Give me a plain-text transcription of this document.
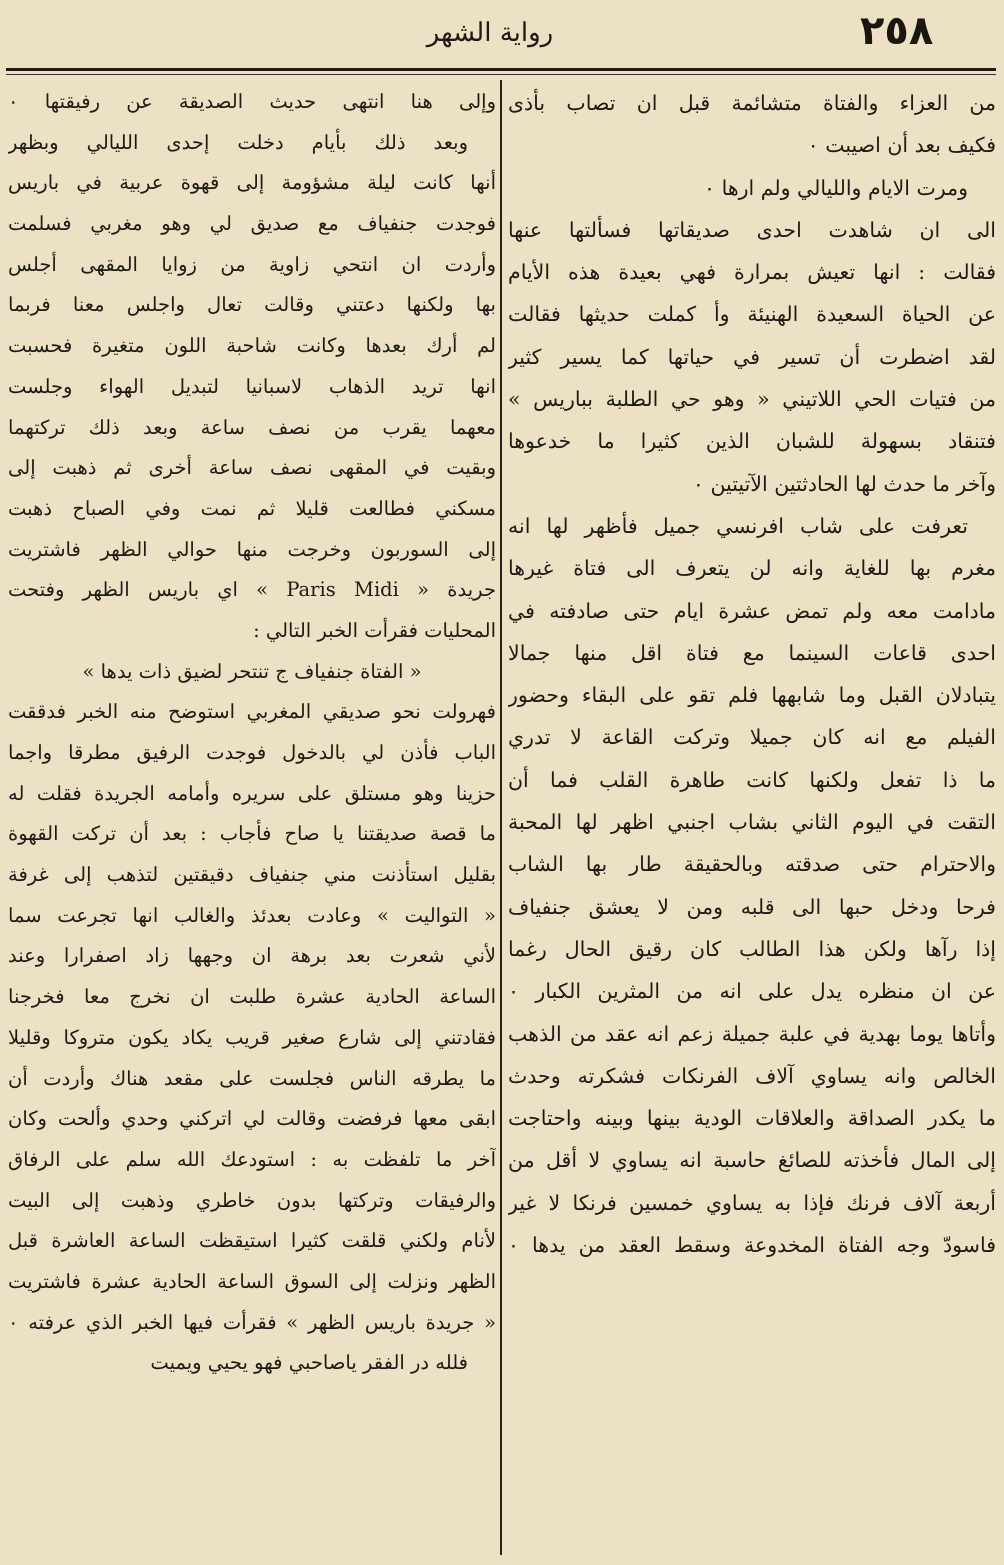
٢٥٨
رواية الشهر
من العزاء والفتاة متشائمة قبل ان تصاب بأذى
فكيف بعد أن اصيبت ٠
ومرت الايام والليالي ولم ارها ٠
الى ان شاهدت احدى صديقاتها فسألتها عنها
فقالت : انها تعيش بمرارة فهي بعيدة هذه الأيام
عن الحياة السعيدة الهنيئة وأ كملت حديثها فقالت
لقد اضطرت أن تسير في حياتها كما يسير كثير
من فتيات الحي اللاتيني « وهو حي الطلبة بباريس »
فتنقاد بسهولة للشبان الذين كثيرا ما خدعوها
وآخر ما حدث لها الحادثتين الآتيتين ٠
تعرفت على شاب افرنسي جميل فأظهر لها انه
مغرم بها للغاية وانه لن يتعرف الى فتاة غيرها
مادامت معه ولم تمض عشرة ايام حتى صادفته في
احدى قاعات السينما مع فتاة اقل منها جمالا
يتبادلان القبل وما شابهها فلم تقو على البقاء وحضور
الفيلم مع انه كان جميلا وتركت القاعة لا تدري
ما ذا تفعل ولكنها كانت طاهرة القلب فما أن
التقت في اليوم الثاني بشاب اجنبي اظهر لها المحبة
والاحترام حتى صدقته وبالحقيقة طار بها الشاب
فرحا ودخل حبها الى قلبه ومن لا يعشق جنفياف
إذا رآها ولكن هذا الطالب كان رقيق الحال رغما
عن ان منظره يدل على انه من المثرين الكبار ٠
وأتاها يوما بهدية في علبة جميلة زعم انه عقد من الذهب
الخالص وانه يساوي آلاف الفرنكات فشكرته وحدث
ما يكدر الصداقة والعلاقات الودية بينها وبينه واحتاجت
إلى المال فأخذته للصائغ حاسبة انه يساوي لا أقل من
أربعة آلاف فرنك فإذا به يساوي خمسين فرنكا لا غير
فاسودّ وجه الفتاة المخدوعة وسقط العقد من يدها ٠
وإلى هنا انتهى حديث الصديقة عن رفيقتها ٠
وبعد ذلك بأيام دخلت إحدى الليالي وبظهر
أنها كانت ليلة مشؤومة إلى قهوة عربية في باريس
فوجدت جنفياف مع صديق لي وهو مغربي فسلمت
وأردت ان انتحي زاوية من زوايا المقهى أجلس
بها ولكنها دعتني وقالت تعال واجلس معنا فربما
لم أرك بعدها وكانت شاحبة اللون متغيرة فحسبت
انها تريد الذهاب لاسبانيا لتبديل الهواء وجلست
معهما يقرب من نصف ساعة وبعد ذلك تركتهما
وبقيت في المقهى نصف ساعة أخرى ثم ذهبت إلى
مسكني فطالعت قليلا ثم نمت وفي الصباح ذهبت
إلى السوربون وخرجت منها حوالي الظهر فاشتريت
جريدة « Paris Midi » اي باريس الظهر وفتحت
المحليات فقرأت الخبر التالي :
« الفتاة جنفياف ج تنتحر لضيق ذات يدها »
فهرولت نحو صديقي المغربي استوضح منه الخبر فدققت
الباب فأذن لي بالدخول فوجدت الرفيق مطرقا واجما
حزينا وهو مستلق على سريره وأمامه الجريدة فقلت له
ما قصة صديقتنا يا صاح فأجاب : بعد أن تركت القهوة
بقليل استأذنت مني جنفياف دقيقتين لتذهب إلى غرفة
« التواليت » وعادت بعدئذ والغالب انها تجرعت سما
لأني شعرت بعد برهة ان وجهها زاد اصفرارا وعند
الساعة الحادية عشرة طلبت ان نخرج معا فخرجنا
فقادتني إلى شارع صغير قريب يكاد يكون متروكا وقليلا
ما يطرقه الناس فجلست على مقعد هناك وأردت أن
ابقى معها فرفضت وقالت لي اتركني وحدي وألحت وكان
آخر ما تلفظت به : استودعك الله سلم على الرفاق
والرفيقات وتركتها بدون خاطري وذهبت إلى البيت
لأنام ولكني قلقت كثيرا استيقظت الساعة العاشرة قبل
الظهر ونزلت إلى السوق الساعة الحادية عشرة فاشتريت
« جريدة باريس الظهر » فقرأت فيها الخبر الذي عرفته ٠
فلله در الفقر ياصاحبي فهو يحيي ويميت
